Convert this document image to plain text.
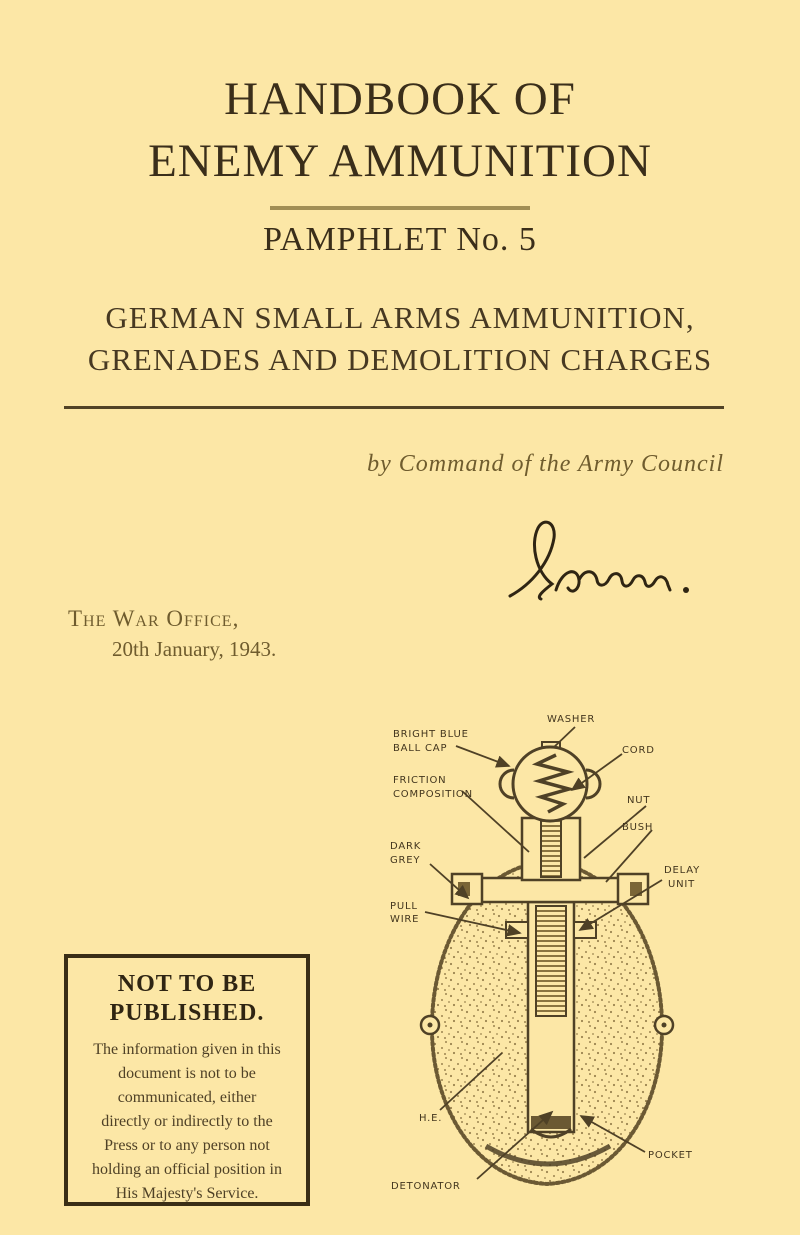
HANDBOOK OF
ENEMY AMMUNITION
PAMPHLET No. 5
GERMAN SMALL ARMS AMMUNITION,
GRENADES AND DEMOLITION CHARGES
by Command of the Army Council
The War Office,
20th January, 1943.
WASHER
BRIGHT BLUE
BALL CAP	CORD
FRICTION
COMPOSITION
NUT
BUSH
DARK
GREY
DELAY
UNIT
PULL
WIRE
H.E.
POCKET
DETONATOR
NOT TO BE
PUBLISHED.
The information given in this
document is not to be
communicated, either
directly or indirectly to the
Press or to any person not
holding an official position in
His Majesty's Service.
